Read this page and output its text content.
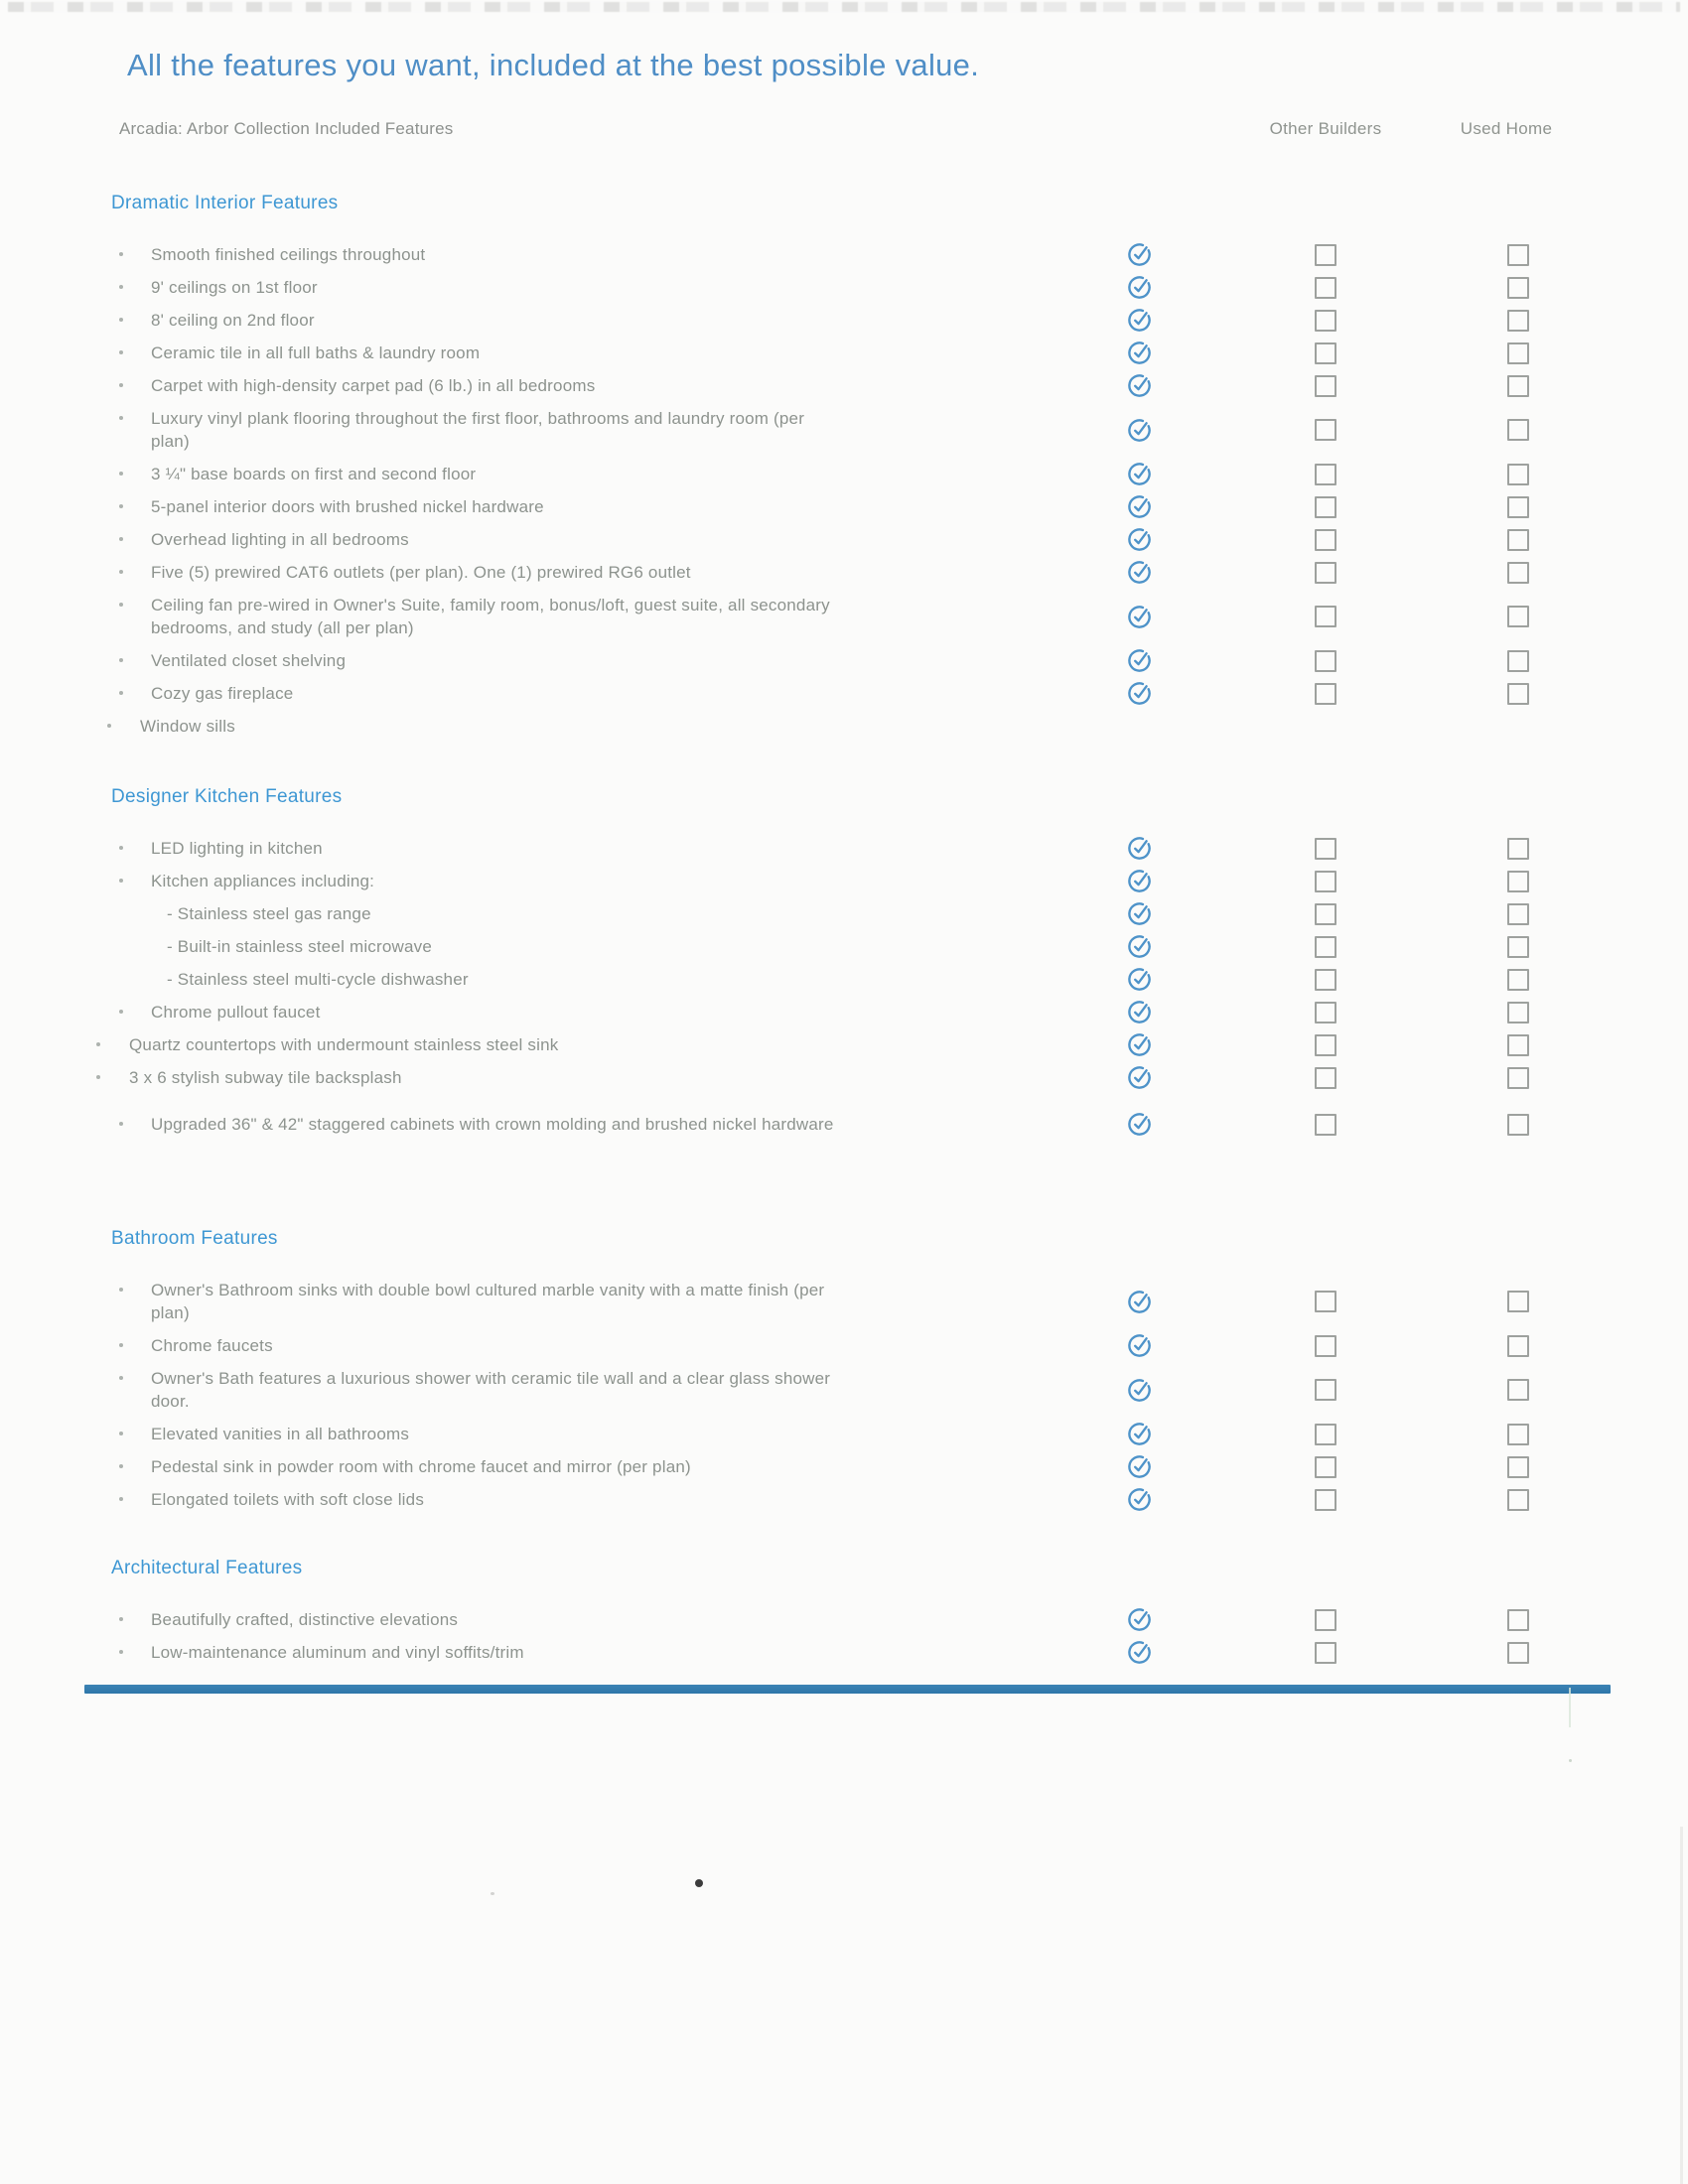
All the features you want, included at the best possible value.
Arcadia: Arbor Collection Included Features	Other Builders	Used Home
Dramatic Interior Features
Smooth finished ceilings throughout
9' ceilings on 1st floor
8' ceiling on 2nd floor
Ceramic tile in all full baths & laundry room
Carpet with high-density carpet pad (6 lb.) in all bedrooms
Luxury vinyl plank flooring throughout the first floor, bathrooms and laundry room (per
plan)
3 ¼" base boards on first and second floor
5-panel interior doors with brushed nickel hardware
Overhead lighting in all bedrooms
Five (5) prewired CAT6 outlets (per plan). One (1) prewired RG6 outlet
Ceiling fan pre-wired in Owner's Suite, family room, bonus/loft, guest suite, all secondary
bedrooms, and study (all per plan)
Ventilated closet shelving
Cozy gas fireplace
Window sills
Designer Kitchen Features
LED lighting in kitchen
Kitchen appliances including:
- Stainless steel gas range
- Built-in stainless steel microwave
- Stainless steel multi-cycle dishwasher
Chrome pullout faucet
Quartz countertops with undermount stainless steel sink
3 x 6 stylish subway tile backsplash
Upgraded 36" & 42" staggered cabinets with crown molding and brushed nickel hardware
Bathroom Features
Owner's Bathroom sinks with double bowl cultured marble vanity with a matte finish (per
plan)
Chrome faucets
Owner's Bath features a luxurious shower with ceramic tile wall and a clear glass shower
door.
Elevated vanities in all bathrooms
Pedestal sink in powder room with chrome faucet and mirror (per plan)
Elongated toilets with soft close lids
Architectural Features
Beautifully crafted, distinctive elevations
Low-maintenance aluminum and vinyl soffits/trim
